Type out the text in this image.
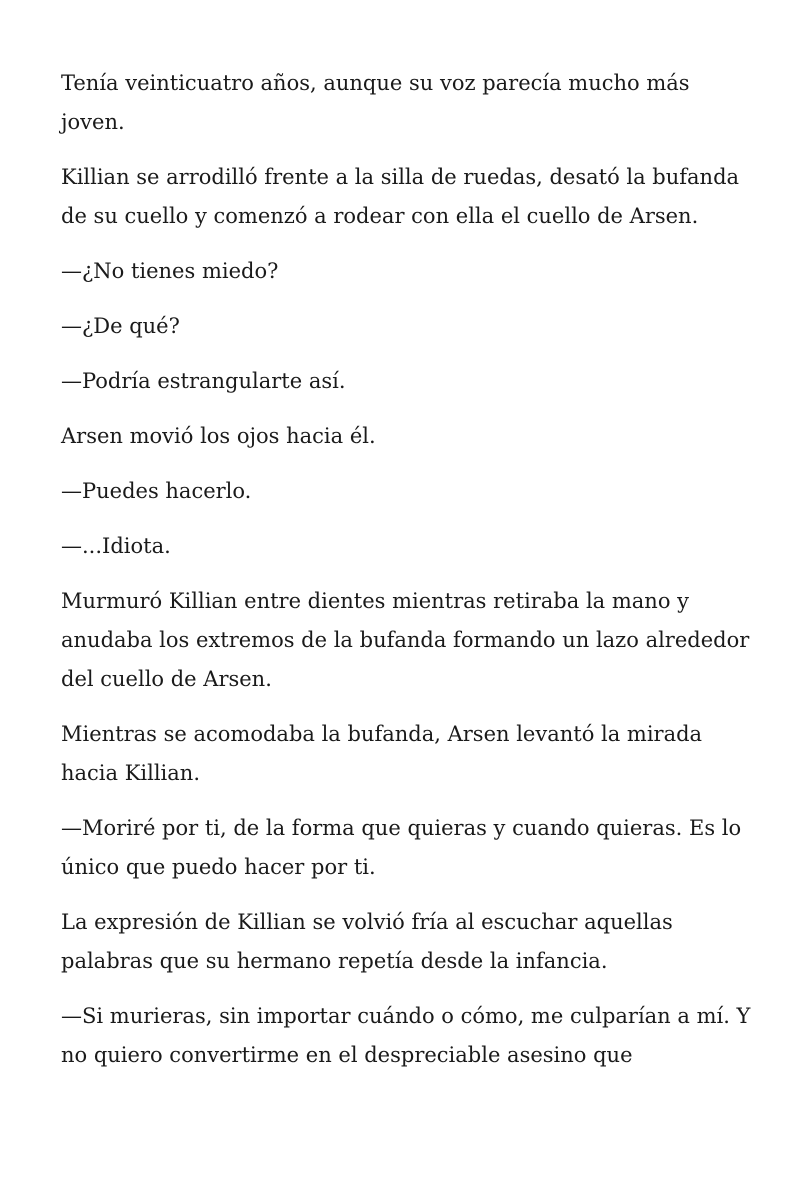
Tenía veinticuatro años, aunque su voz parecía mucho más joven.

Killian se arrodilló frente a la silla de ruedas, desató la bufanda de su cuello y comenzó a rodear con ella el cuello de Arsen.

—¿No tienes miedo?

—¿De qué?

—Podría estrangularte así.

Arsen movió los ojos hacia él.

—Puedes hacerlo.

—...Idiota.

Murmuró Killian entre dientes mientras retiraba la mano y anudaba los extremos de la bufanda formando un lazo alrededor del cuello de Arsen.

Mientras se acomodaba la bufanda, Arsen levantó la mirada hacia Killian.

—Moriré por ti, de la forma que quieras y cuando quieras. Es lo único que puedo hacer por ti.

La expresión de Killian se volvió fría al escuchar aquellas palabras que su hermano repetía desde la infancia.

—Si murieras, sin importar cuándo o cómo, me culparían a mí. Y no quiero convertirme en el despreciable asesino que
